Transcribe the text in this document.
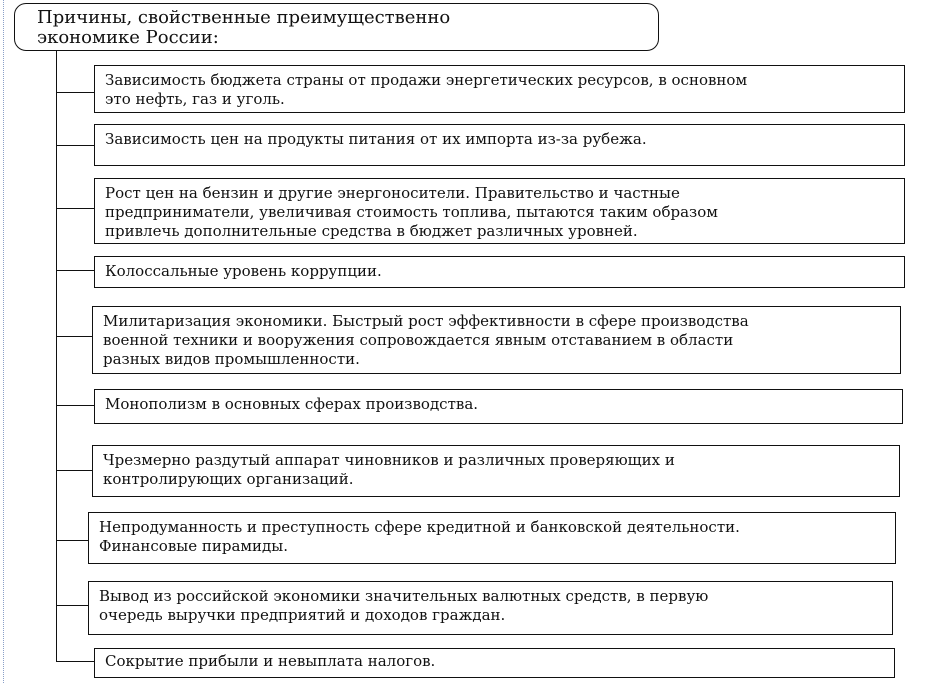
Причины, свойственные преимущественно
экономике России:
Зависимость бюджета страны от продажи энергетических ресурсов, в основном
это нефть, газ и уголь.
Зависимость цен на продукты питания от их импорта из-за рубежа.
Рост цен на бензин и другие энергоносители. Правительство и частные
предприниматели, увеличивая стоимость топлива, пытаются таким образом
привлечь дополнительные средства в бюджет различных уровней.
Колоссальные уровень коррупции.
Милитаризация экономики. Быстрый рост эффективности в сфере производства
военной техники и вооружения сопровождается явным отставанием в области
разных видов промышленности.
Монополизм в основных сферах производства.
Чрезмерно раздутый аппарат чиновников и различных проверяющих и
контролирующих организаций.
Непродуманность и преступность сфере кредитной и банковской деятельности.
Финансовые пирамиды.
Вывод из российской экономики значительных валютных средств, в первую
очередь выручки предприятий и доходов граждан.
Сокрытие прибыли и невыплата налогов.
